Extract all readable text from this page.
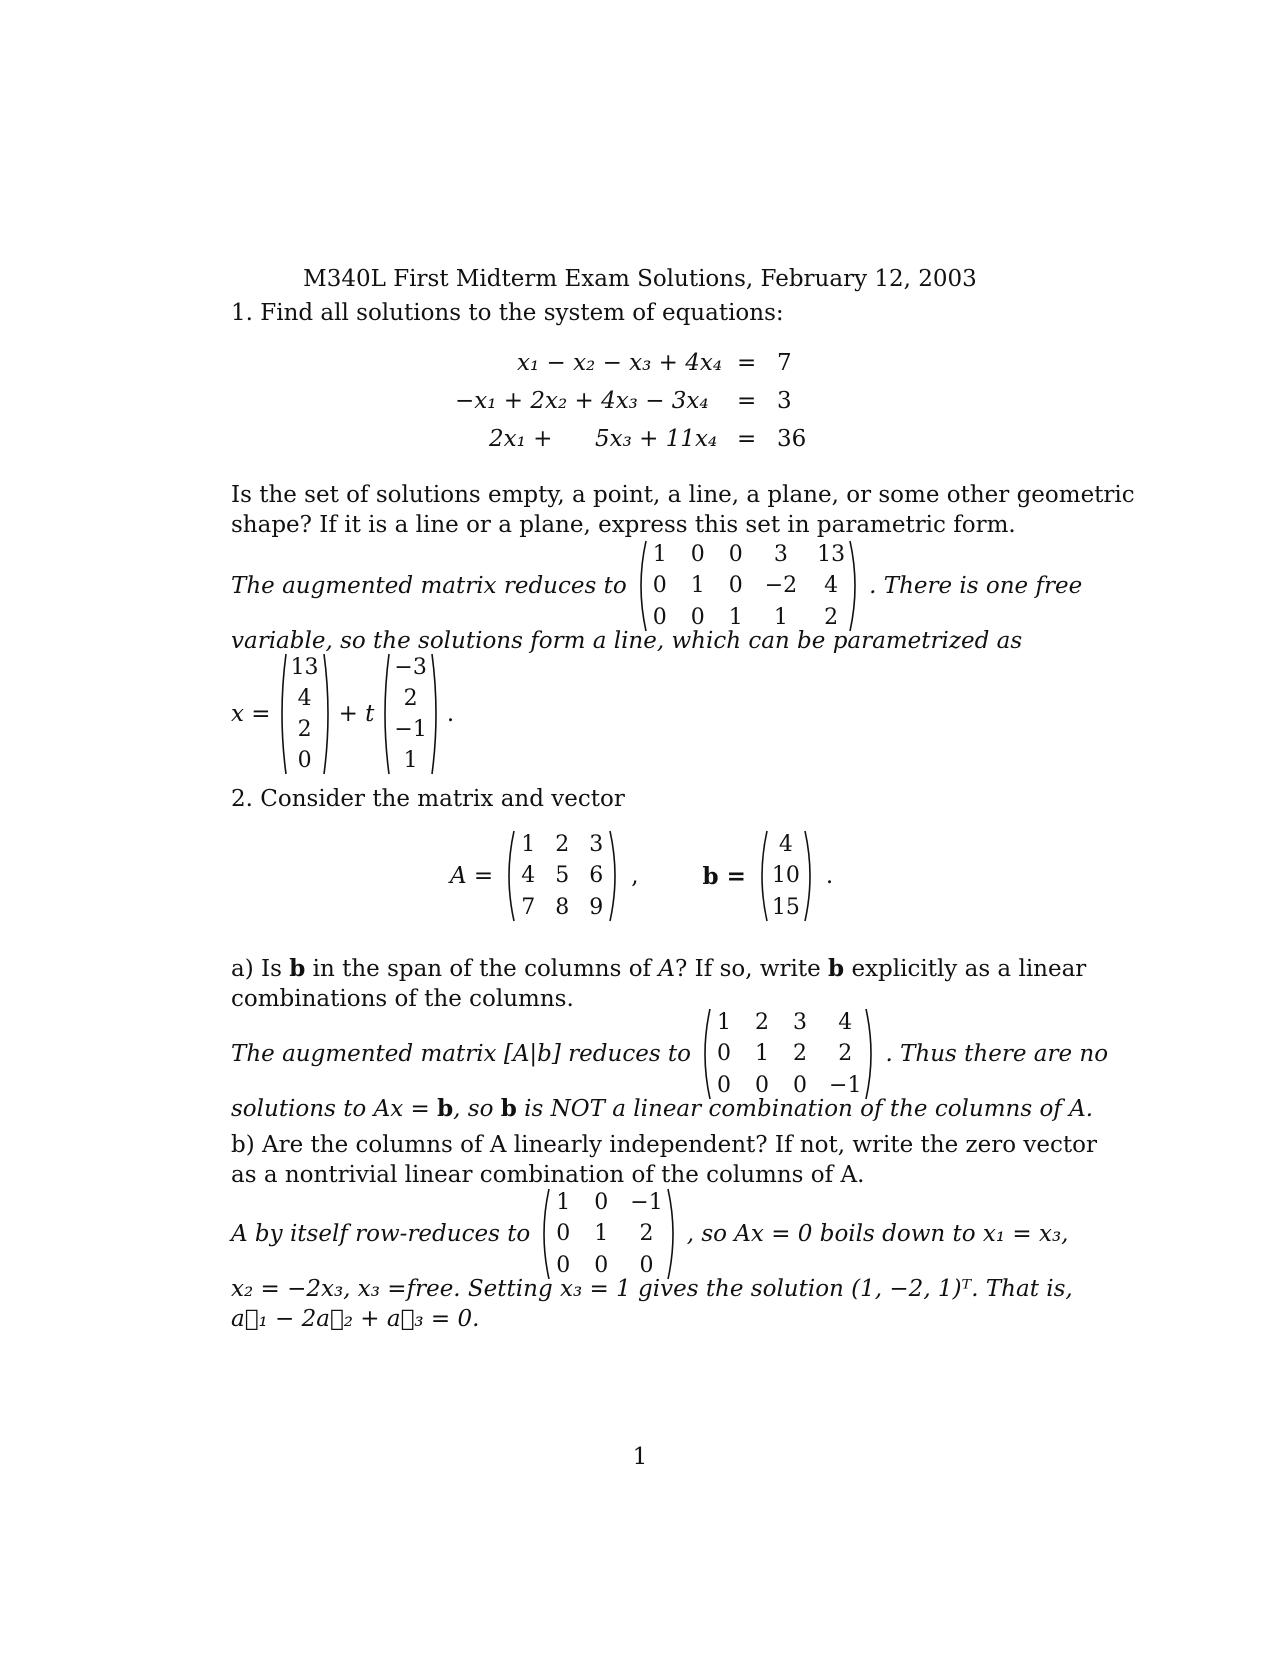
M340L First Midterm Exam Solutions, February 12, 2003
1. Find all solutions to the system of equations:
x₁ − x₂ − x₃ + 4x₄ = 7
−x₁ + 2x₂ + 4x₃ − 3x₄ = 3
2x₁ + 5x₃ + 11x₄ = 36
Is the set of solutions empty, a point, a line, a plane, or some other geometric
shape? If it is a line or a plane, express this set in parametric form.
The augmented matrix reduces to
1 0 0 3 13
0 1 0 −2 4
0 0 1 1 2
. There is one free
variable, so the solutions form a line, which can be parametrized as
x =
13
4
2
0
+ t
−3
2
−1
1
.
2. Consider the matrix and vector
A =
1 2 3
4 5 6
7 8 9
,	b =
4
10
15
.
a) Is b in the span of the columns of A? If so, write b explicitly as a linear
combinations of the columns.
The augmented matrix [A|b] reduces to
1 2 3 4
0 1 2 2
0 0 0 −1
. Thus there are no
solutions to Ax = b, so b is NOT a linear combination of the columns of A.
b) Are the columns of A linearly independent? If not, write the zero vector
as a nontrivial linear combination of the columns of A.
A by itself row-reduces to
1 0 −1
0 1 2
0 0 0
, so Ax = 0 boils down to x₁ = x₃,
x₂ = −2x₃, x₃ =free. Setting x₃ = 1 gives the solution (1, −2, 1)ᵀ. That is,
a⃗₁ − 2a⃗₂ + a⃗₃ = 0.
1
